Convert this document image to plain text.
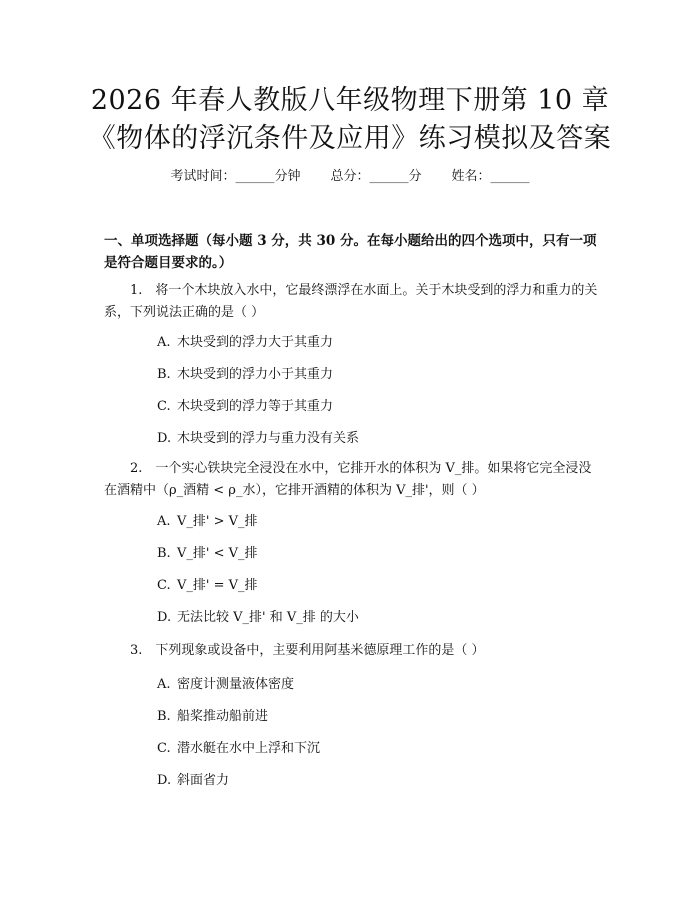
2026 年春人教版八年级物理下册第 10 章
《物体的浮沉条件及应用》练习模拟及答案
考试时间：______分钟 总分：______分 姓名：______
一、单项选择题（每小题 3 分，共 30 分。在每小题给出的四个选项中，只有一项
是符合题目要求的。）
1.　将一个木块放入水中，它最终漂浮在水面上。关于木块受到的浮力和重力的关系，下列说法正确的是（ ）
A. 木块受到的浮力大于其重力
B. 木块受到的浮力小于其重力
C. 木块受到的浮力等于其重力
D. 木块受到的浮力与重力没有关系
2.　一个实心铁块完全浸没在水中，它排开水的体积为 V_排。如果将它完全浸没在酒精中（ρ_酒精 < ρ_水），它排开酒精的体积为 V_排'，则（ ）
A. V_排' > V_排
B. V_排' < V_排
C. V_排' = V_排
D. 无法比较 V_排' 和 V_排 的大小
3.　下列现象或设备中，主要利用阿基米德原理工作的是（ ）
A. 密度计测量液体密度
B. 船桨推动船前进
C. 潜水艇在水中上浮和下沉
D. 斜面省力
